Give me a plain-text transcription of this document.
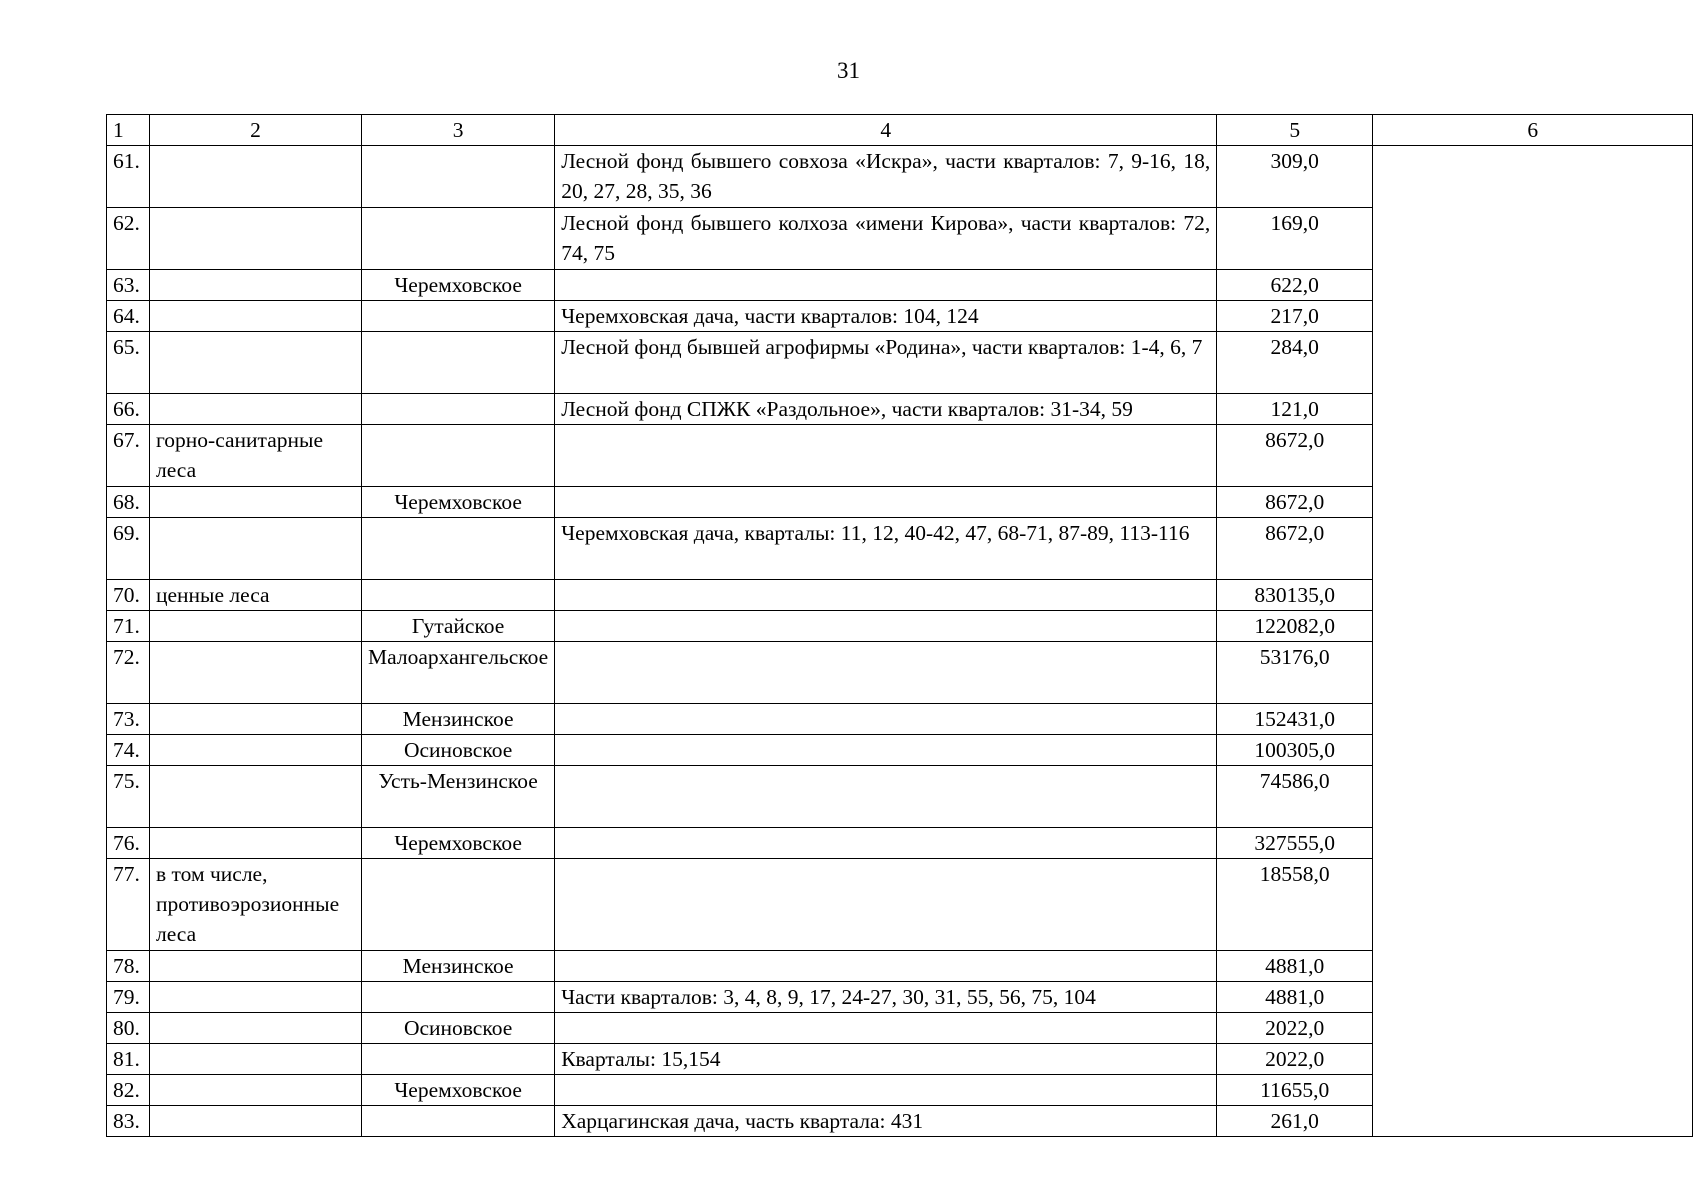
31
1	2	3	4	5	6
61.			Лесной фонд бывшего совхоза «Искра», части кварталов: 7, 9-16, 18, 20, 27, 28, 35, 36	309,0	
62.			Лесной фонд бывшего колхоза «имени Кирова», части кварталов: 72, 74, 75	169,0	
63.		Черемховское		622,0	
64.			Черемховская дача, части кварталов: 104, 124	217,0	
65.			Лесной фонд бывшей агрофирмы «Родина», части кварталов: 1-4, 6, 7	284,0	
66.			Лесной фонд СПЖК «Раздольное», части кварталов: 31-34, 59	121,0	
67.	горно-санитарные леса			8672,0	
68.		Черемховское		8672,0	
69.			Черемховская дача, кварталы: 11, 12, 40-42, 47, 68-71, 87-89, 113-116	8672,0	
70.	ценные леса			830135,0	
71.		Гутайское		122082,0	
72.		Малоархангельское		53176,0	
73.		Мензинское		152431,0	
74.		Осиновское		100305,0	
75.		Усть-Мензинское		74586,0	
76.		Черемховское		327555,0	
77.	в том числе, противоэрозионные леса			18558,0	
78.		Мензинское		4881,0	
79.			Части кварталов: 3, 4, 8, 9, 17, 24-27, 30, 31, 55, 56, 75, 104	4881,0	
80.		Осиновское		2022,0	
81.			Кварталы: 15,154	2022,0	
82.		Черемховское		11655,0	
83.			Харцагинская дача, часть квартала: 431	261,0	
